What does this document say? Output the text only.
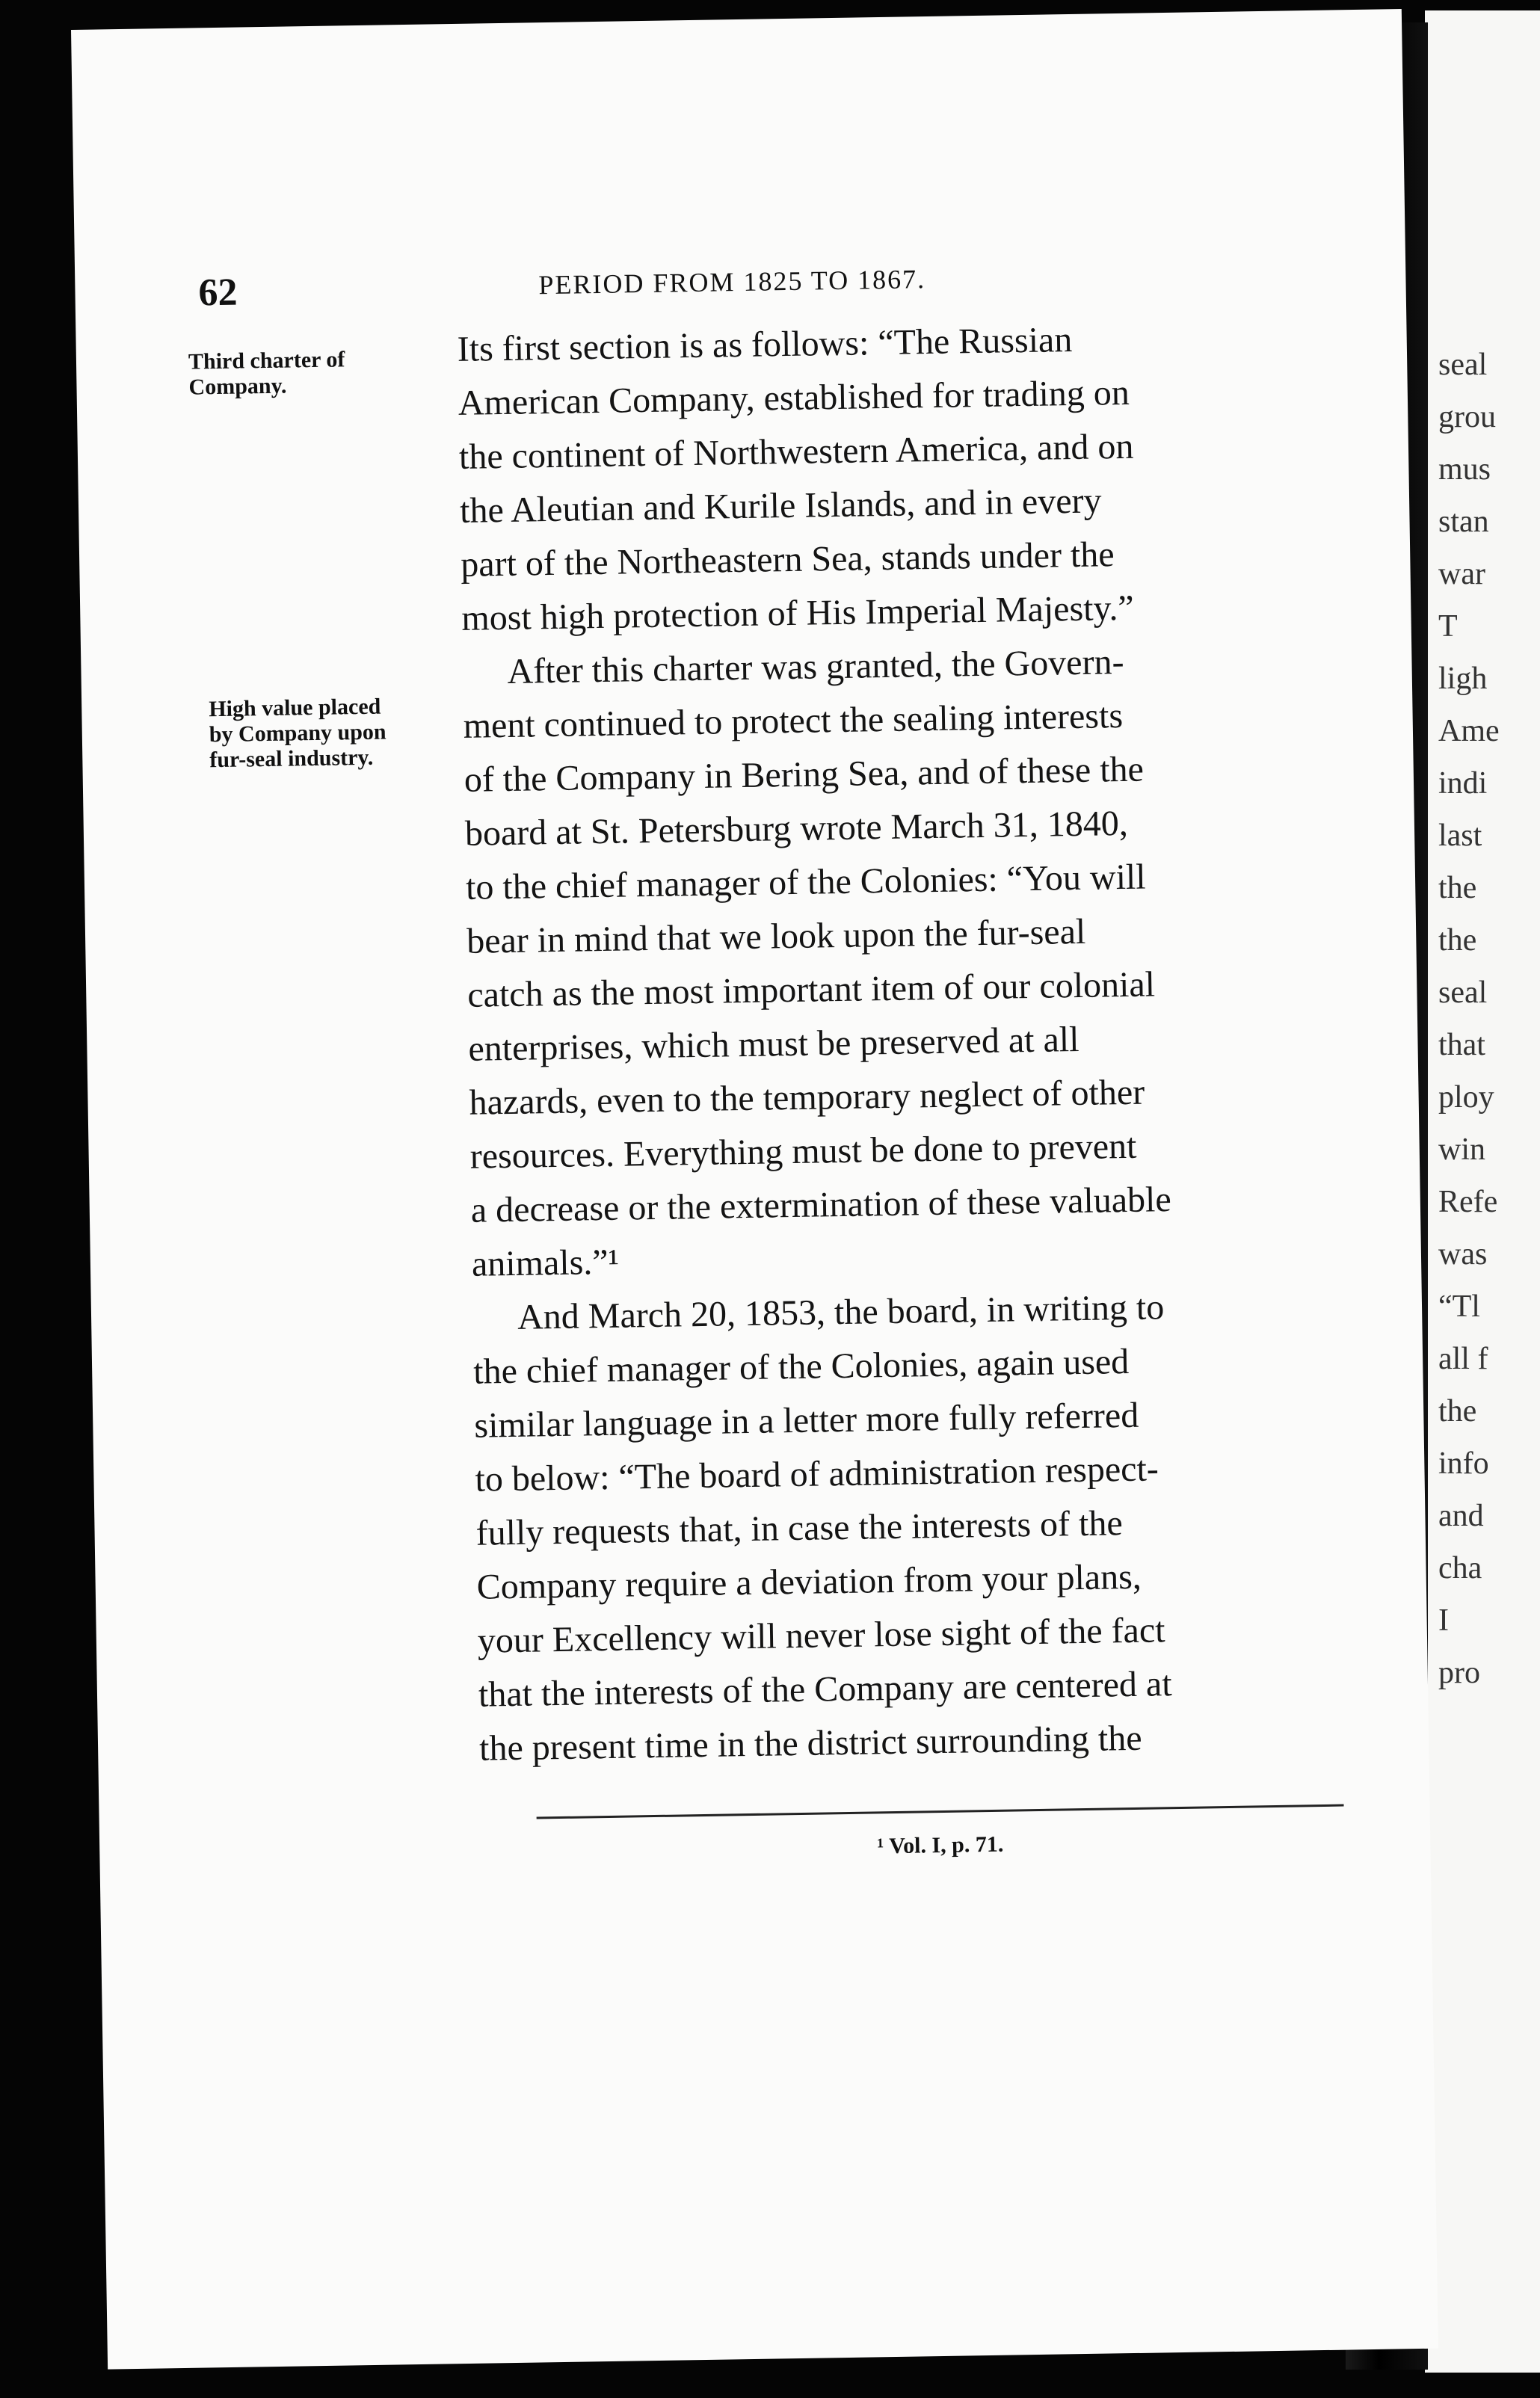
seal
grou
mus
stan
war
T
ligh
Ame
indi
last
the
the
seal
that
ploy
win
Refe
was
“Tl
all f
the
info
and
cha
I
pro
62	PERIOD FROM 1825 TO 1867.
Third charter of
Company.
High value placed
by Company upon
fur-seal industry.
Its first section is as follows: “The Russian
American Company, established for trading on
the continent of Northwestern America, and on
the Aleutian and Kurile Islands, and in every
part of the Northeastern Sea, stands under the
most high protection of His Imperial Majesty.”
After this charter was granted, the Govern-
ment continued to protect the sealing interests
of the Company in Bering Sea, and of these the
board at St. Petersburg wrote March 31, 1840,
to the chief manager of the Colonies: “You will
bear in mind that we look upon the fur-seal
catch as the most important item of our colonial
enterprises, which must be preserved at all
hazards, even to the temporary neglect of other
resources. Everything must be done to prevent
a decrease or the extermination of these valuable
animals.”¹
And March 20, 1853, the board, in writing to
the chief manager of the Colonies, again used
similar language in a letter more fully referred
to below: “The board of administration respect-
fully requests that, in case the interests of the
Company require a deviation from your plans,
your Excellency will never lose sight of the fact
that the interests of the Company are centered at
the present time in the district surrounding the
¹ Vol. I, p. 71.
